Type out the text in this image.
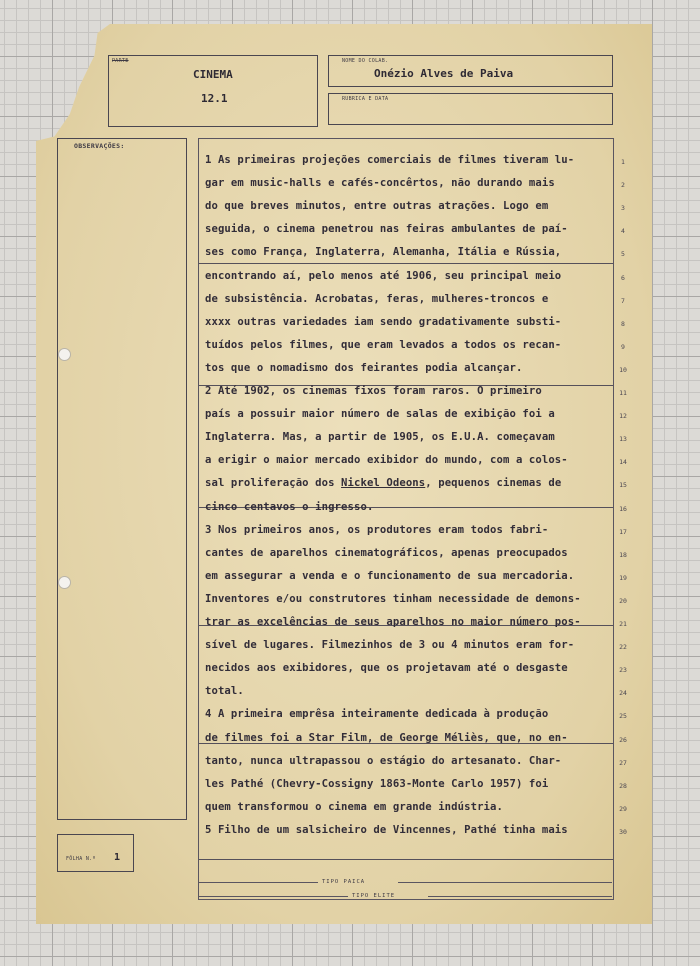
PARTE
CINEMA
12.1
NOME DO COLAB.
Onézio Alves de Paiva
RUBRICA E DATA
OBSERVAÇÕES:
FÔLHA N.º 1
1 As primeiras projeções comerciais de filmes tiveram lu-
gar em music-halls e cafés-concêrtos, não durando mais
do que breves minutos, entre outras atrações. Logo em
seguida, o cinema penetrou nas feiras ambulantes de paí-
ses como França, Inglaterra, Alemanha, Itália e Rússia,
encontrando aí, pelo menos até 1906, seu principal meio
de subsistência. Acrobatas, feras, mulheres-troncos e
xxxx outras variedades iam sendo gradativamente substi-
tuídos pelos filmes, que eram levados a todos os recan-
tos que o nomadismo dos feirantes podia alcançar.
2 Até 1902, os cinemas fixos foram raros. O primeiro
país a possuir maior número de salas de exibição foi a
Inglaterra. Mas, a partir de 1905, os E.U.A. começavam
a erigir o maior mercado exibidor do mundo, com a colos-
sal proliferação dos Nickel Odeons, pequenos cinemas de
cinco centavos o ingresso.
3 Nos primeiros anos, os produtores eram todos fabri-
cantes de aparelhos cinematográficos, apenas preocupados
em assegurar a venda e o funcionamento de sua mercadoria.
Inventores e/ou construtores tinham necessidade de demons-
trar as excelências de seus aparelhos no maior número pos-
sível de lugares. Filmezinhos de 3 ou 4 minutos eram for-
necidos aos exibidores, que os projetavam até o desgaste
total.
4 A primeira emprêsa inteiramente dedicada à produção
de filmes foi a Star Film, de George Méliès, que, no en-
tanto, nunca ultrapassou o estágio do artesanato. Char-
les Pathé (Chevry-Cossigny 1863-Monte Carlo 1957) foi
quem transformou o cinema em grande indústria.
5 Filho de um salsicheiro de Vincennes, Pathé tinha mais
1
2
3
4
5
6
7
8
9
10
11
12
13
14
15
16
17
18
19
20
21
22
23
24
25
26
27
28
29
30
TIPO PAICA
TIPO ELITE
